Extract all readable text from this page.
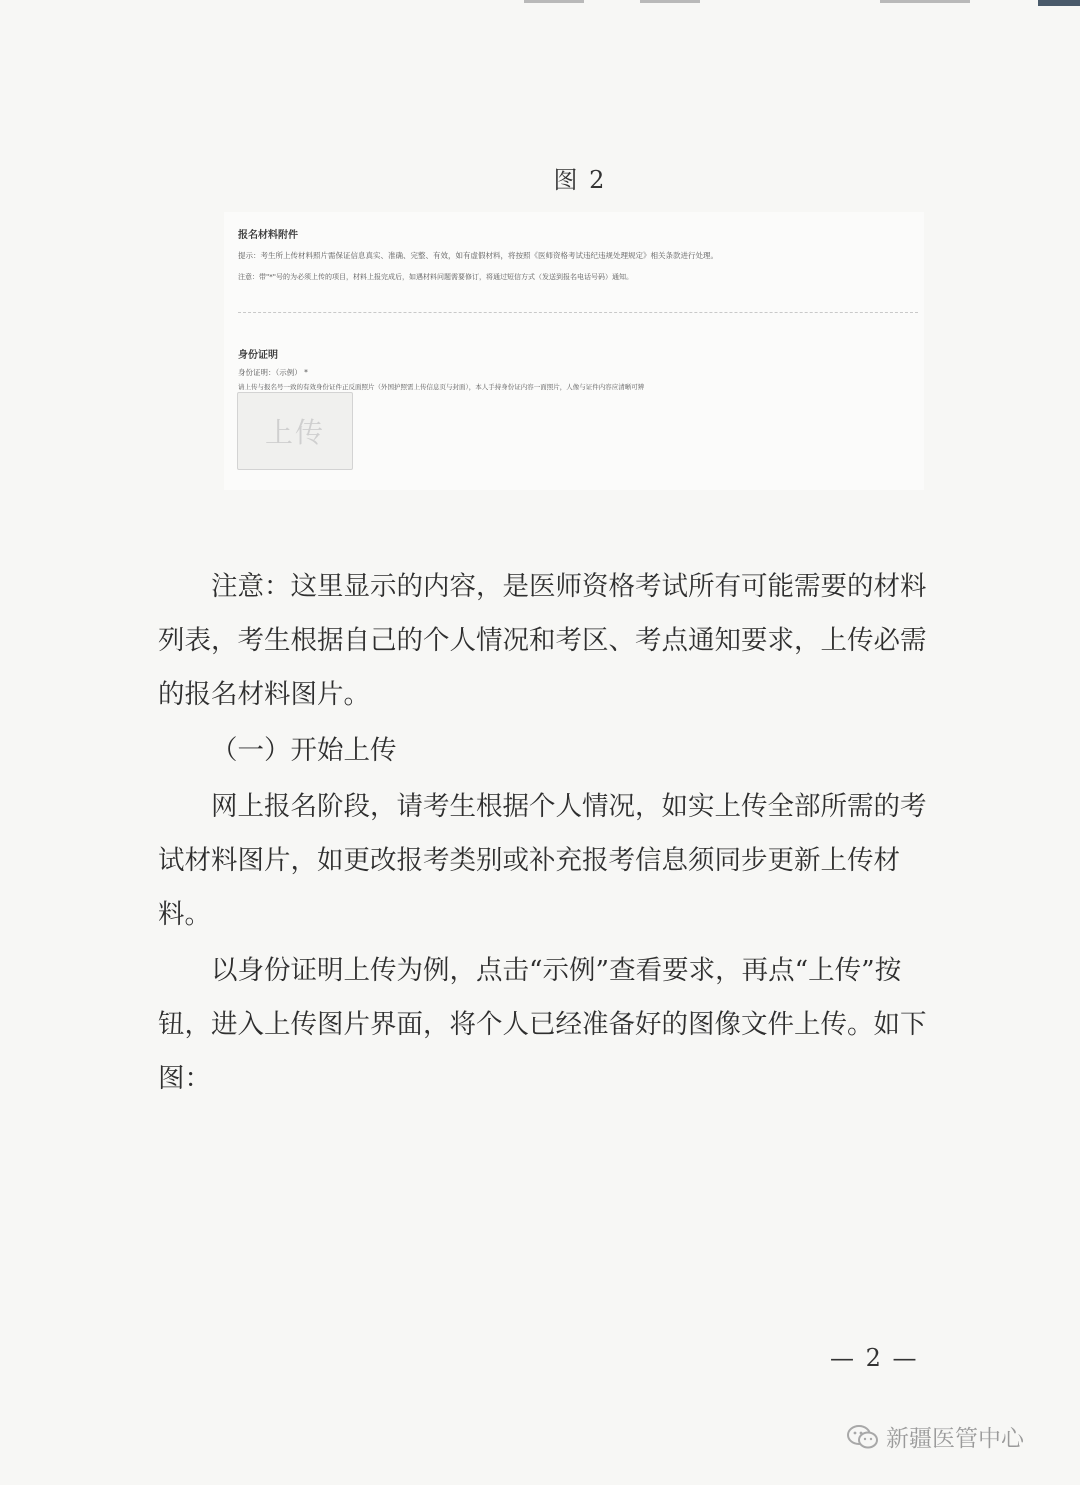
图 2
报名材料附件
提示：考生所上传材料照片需保证信息真实、准确、完整、有效，如有虚假材料，将按照《医师资格考试违纪违规处理规定》相关条款进行处理。
注意：带"*"号的为必须上传的项目，材料上报完成后，如遇材料问题需要修订，将通过短信方式（发送到报名电话号码）通知。
身份证明
身份证明：（示例） *
请上传与报名号一致的有效身份证件正反面照片（外国护照需上传信息页与封面），本人手持身份证内容一面照片，人像与证件内容应清晰可辨
上传
注意：这里显示的内容，是医师资格考试所有可能需要的材料列表，考生根据自己的个人情况和考区、考点通知要求，上传必需的报名材料图片。
（一）开始上传
网上报名阶段，请考生根据个人情况，如实上传全部所需的考试材料图片，如更改报考类别或补充报考信息须同步更新上传材料。
以身份证明上传为例，点击“示例”查看要求，再点“上传”按钮，进入上传图片界面，将个人已经准备好的图像文件上传。如下图：
— 2 —
新疆医管中心
